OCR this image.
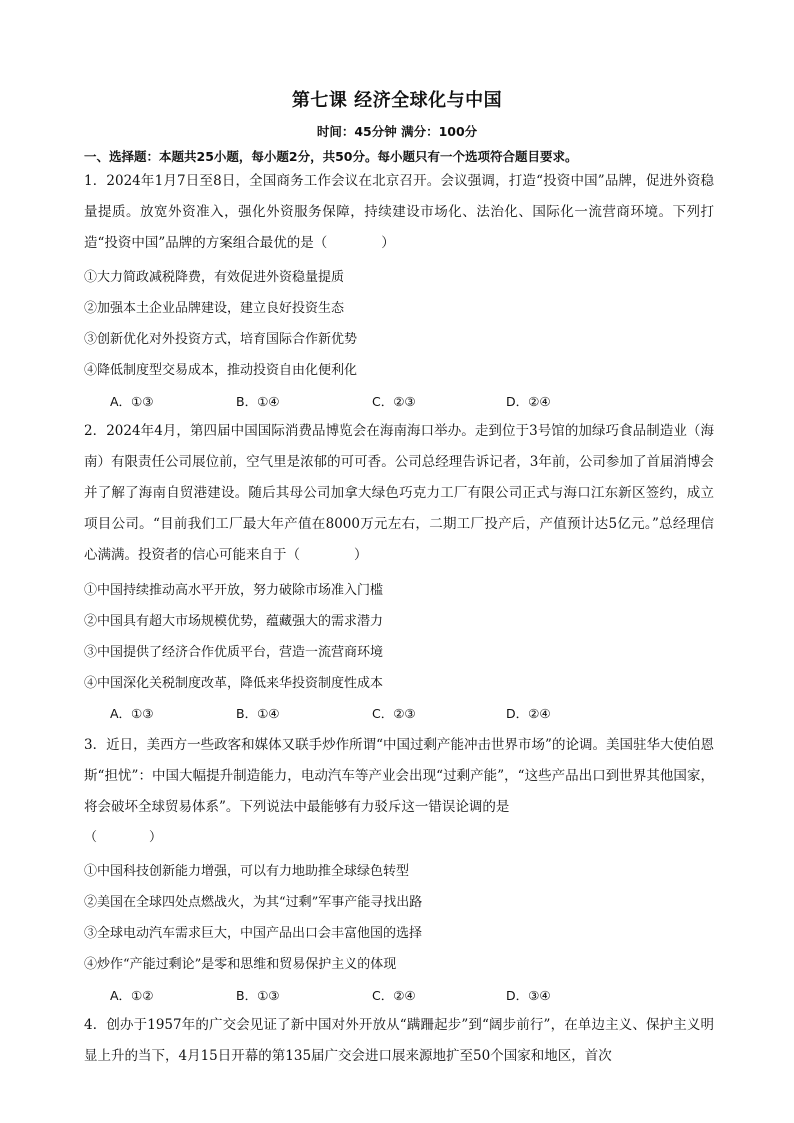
第七课 经济全球化与中国
时间：45分钟 满分：100分
一、选择题：本题共25小题，每小题2分，共50分。每小题只有一个选项符合题目要求。
1．2024年1月7日至8日，全国商务工作会议在北京召开。会议强调，打造“投资中国”品牌，促进外资稳量提质。放宽外资准入，强化外资服务保障，持续建设市场化、法治化、国际化一流营商环境。下列打造“投资中国”品牌的方案组合最优的是（　　　　）
①大力简政减税降费，有效促进外资稳量提质
②加强本土企业品牌建设，建立良好投资生态
③创新优化对外投资方式，培育国际合作新优势
④降低制度型交易成本，推动投资自由化便利化
A．①③	B．①④	C．②③	D．②④
2．2024年4月，第四届中国国际消费品博览会在海南海口举办。走到位于3号馆的加绿巧食品制造业（海南）有限责任公司展位前，空气里是浓郁的可可香。公司总经理告诉记者，3年前，公司参加了首届消博会并了解了海南自贸港建设。随后其母公司加拿大绿色巧克力工厂有限公司正式与海口江东新区签约，成立项目公司。“目前我们工厂最大年产值在8000万元左右，二期工厂投产后，产值预计达5亿元。”总经理信心满满。投资者的信心可能来自于（　　　　）
①中国持续推动高水平开放，努力破除市场准入门槛
②中国具有超大市场规模优势，蕴藏强大的需求潜力
③中国提供了经济合作优质平台，营造一流营商环境
④中国深化关税制度改革，降低来华投资制度性成本
A．①③	B．①④	C．②③	D．②④
3．近日，美西方一些政客和媒体又联手炒作所谓“中国过剩产能冲击世界市场”的论调。美国驻华大使伯恩斯“担忧”：中国大幅提升制造能力，电动汽车等产业会出现“过剩产能”，“这些产品出口到世界其他国家，将会破坏全球贸易体系”。下列说法中最能够有力驳斥这一错误论调的是
（　　　　）
①中国科技创新能力增强，可以有力地助推全球绿色转型
②美国在全球四处点燃战火，为其“过剩”军事产能寻找出路
③全球电动汽车需求巨大，中国产品出口会丰富他国的选择
④炒作“产能过剩论”是零和思维和贸易保护主义的体现
A．①②	B．①③	C．②④	D．③④
4．创办于1957年的广交会见证了新中国对外开放从“蹒跚起步”到“阔步前行”，在单边主义、保护主义明显上升的当下，4月15日开幕的第135届广交会进口展来源地扩至50个国家和地区，首次
